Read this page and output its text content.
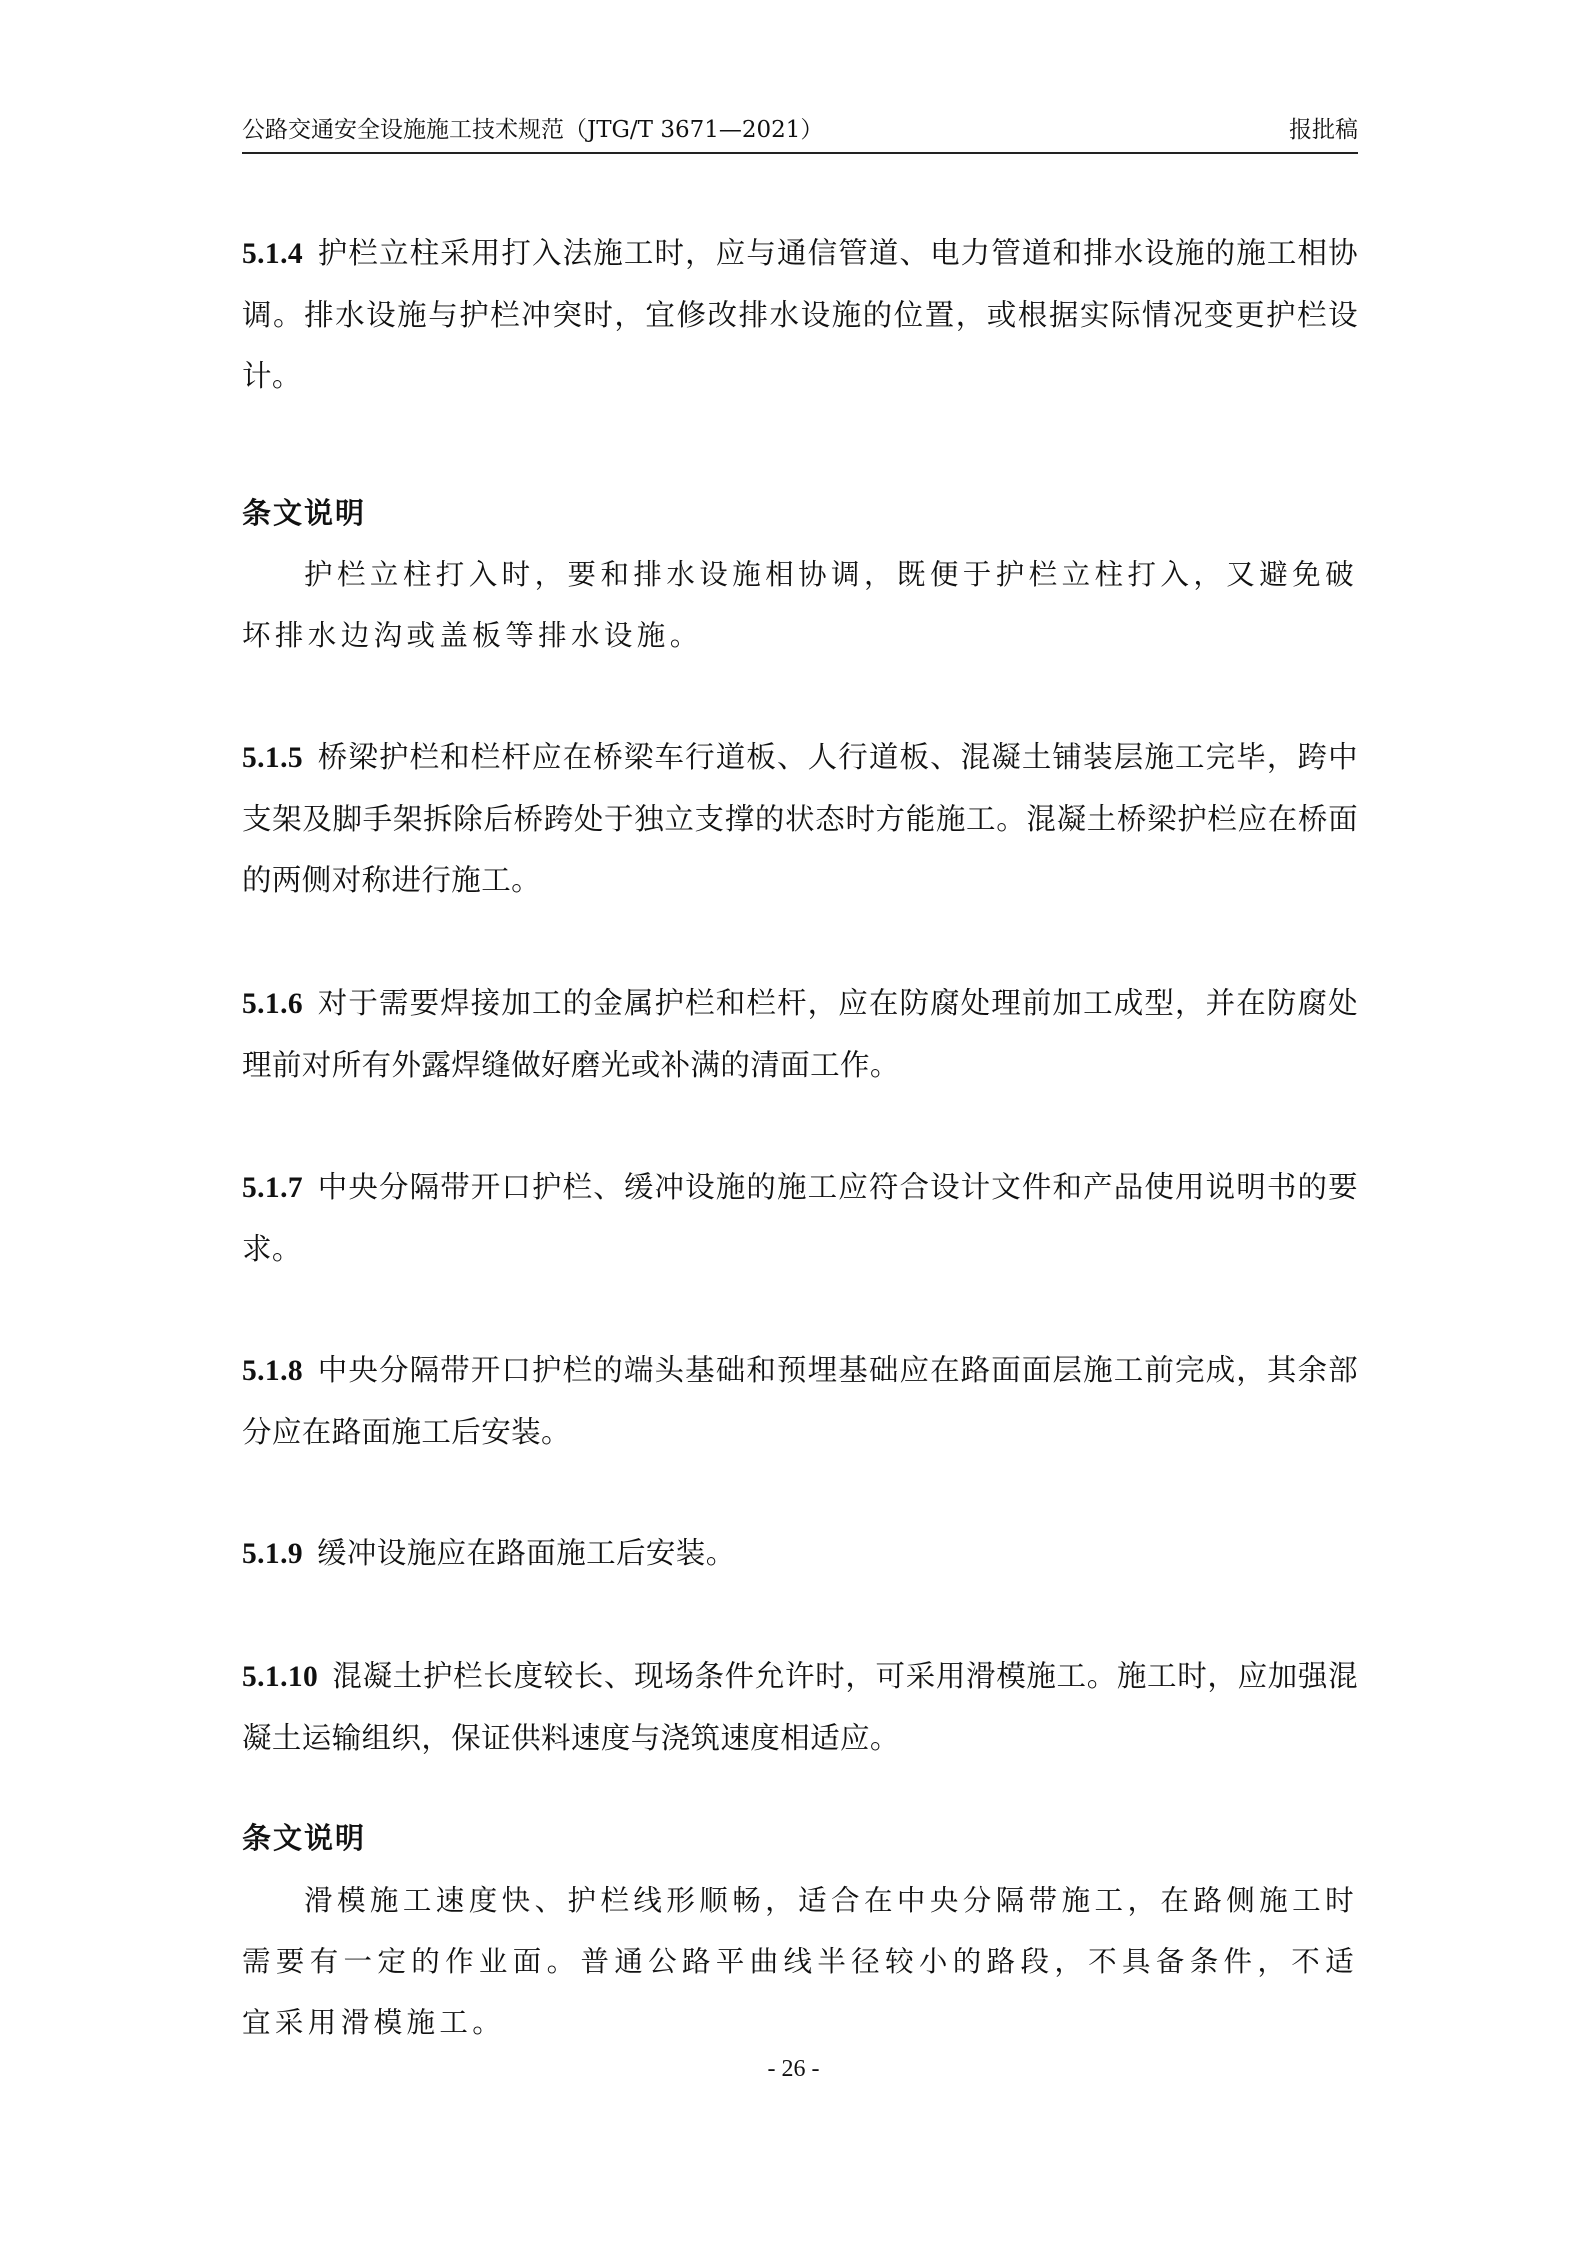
公路交通安全设施施工技术规范（JTG/T 3671—2021）	报批稿
5.1.4 护栏立柱采用打入法施工时，应与通信管道、电力管道和排水设施的施工相协调。排水设施与护栏冲突时，宜修改排水设施的位置，或根据实际情况变更护栏设计。
条文说明
护栏立柱打入时，要和排水设施相协调，既便于护栏立柱打入，又避免破坏排水边沟或盖板等排水设施。
5.1.5 桥梁护栏和栏杆应在桥梁车行道板、人行道板、混凝土铺装层施工完毕，跨中支架及脚手架拆除后桥跨处于独立支撑的状态时方能施工。混凝土桥梁护栏应在桥面的两侧对称进行施工。
5.1.6 对于需要焊接加工的金属护栏和栏杆，应在防腐处理前加工成型，并在防腐处理前对所有外露焊缝做好磨光或补满的清面工作。
5.1.7 中央分隔带开口护栏、缓冲设施的施工应符合设计文件和产品使用说明书的要求。
5.1.8 中央分隔带开口护栏的端头基础和预埋基础应在路面面层施工前完成，其余部分应在路面施工后安装。
5.1.9 缓冲设施应在路面施工后安装。
5.1.10 混凝土护栏长度较长、现场条件允许时，可采用滑模施工。施工时，应加强混凝土运输组织，保证供料速度与浇筑速度相适应。
条文说明
滑模施工速度快、护栏线形顺畅，适合在中央分隔带施工，在路侧施工时需要有一定的作业面。普通公路平曲线半径较小的路段，不具备条件，不适宜采用滑模施工。
- 26 -
